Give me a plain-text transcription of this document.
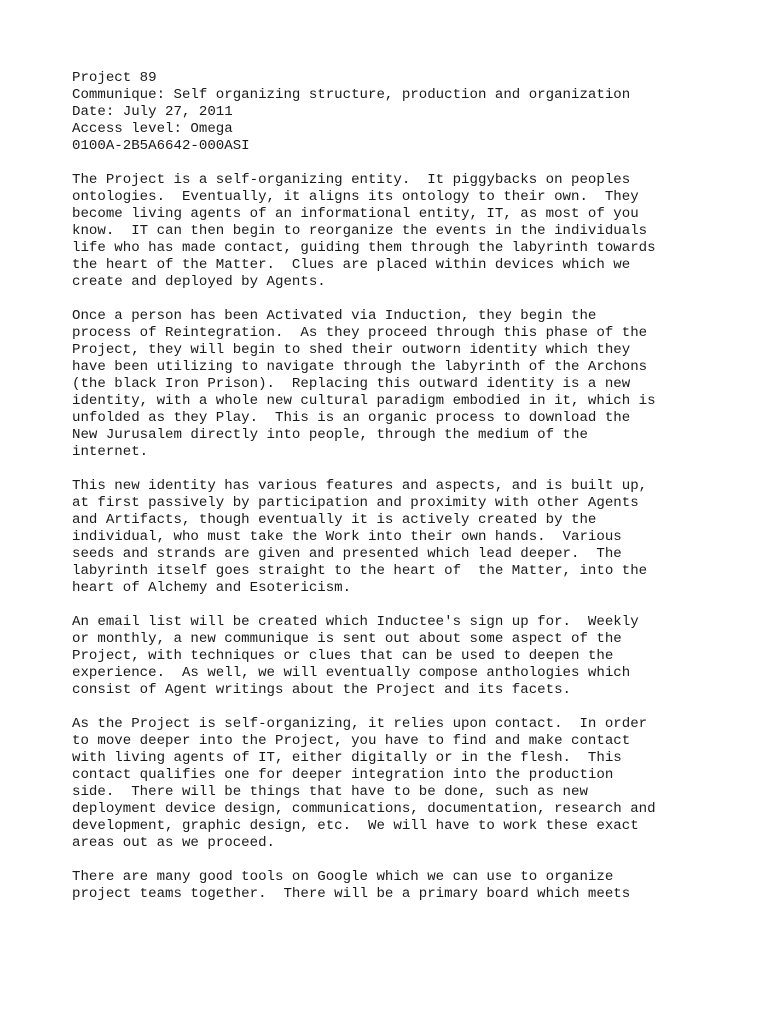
Project 89
Communique: Self organizing structure, production and organization
Date: July 27, 2011
Access level: Omega
0100A-2B5A6642-000ASI
The Project is a self-organizing entity.  It piggybacks on peoples
ontologies.  Eventually, it aligns its ontology to their own.  They
become living agents of an informational entity, IT, as most of you
know.  IT can then begin to reorganize the events in the individuals
life who has made contact, guiding them through the labyrinth towards
the heart of the Matter.  Clues are placed within devices which we
create and deployed by Agents.
Once a person has been Activated via Induction, they begin the
process of Reintegration.  As they proceed through this phase of the
Project, they will begin to shed their outworn identity which they
have been utilizing to navigate through the labyrinth of the Archons
(the black Iron Prison).  Replacing this outward identity is a new
identity, with a whole new cultural paradigm embodied in it, which is
unfolded as they Play.  This is an organic process to download the
New Jurusalem directly into people, through the medium of the
internet.
This new identity has various features and aspects, and is built up,
at first passively by participation and proximity with other Agents
and Artifacts, though eventually it is actively created by the
individual, who must take the Work into their own hands.  Various
seeds and strands are given and presented which lead deeper.  The
labyrinth itself goes straight to the heart of  the Matter, into the
heart of Alchemy and Esotericism.
An email list will be created which Inductee's sign up for.  Weekly
or monthly, a new communique is sent out about some aspect of the
Project, with techniques or clues that can be used to deepen the
experience.  As well, we will eventually compose anthologies which
consist of Agent writings about the Project and its facets.
As the Project is self-organizing, it relies upon contact.  In order
to move deeper into the Project, you have to find and make contact
with living agents of IT, either digitally or in the flesh.  This
contact qualifies one for deeper integration into the production
side.  There will be things that have to be done, such as new
deployment device design, communications, documentation, research and
development, graphic design, etc.  We will have to work these exact
areas out as we proceed.
There are many good tools on Google which we can use to organize
project teams together.  There will be a primary board which meets
